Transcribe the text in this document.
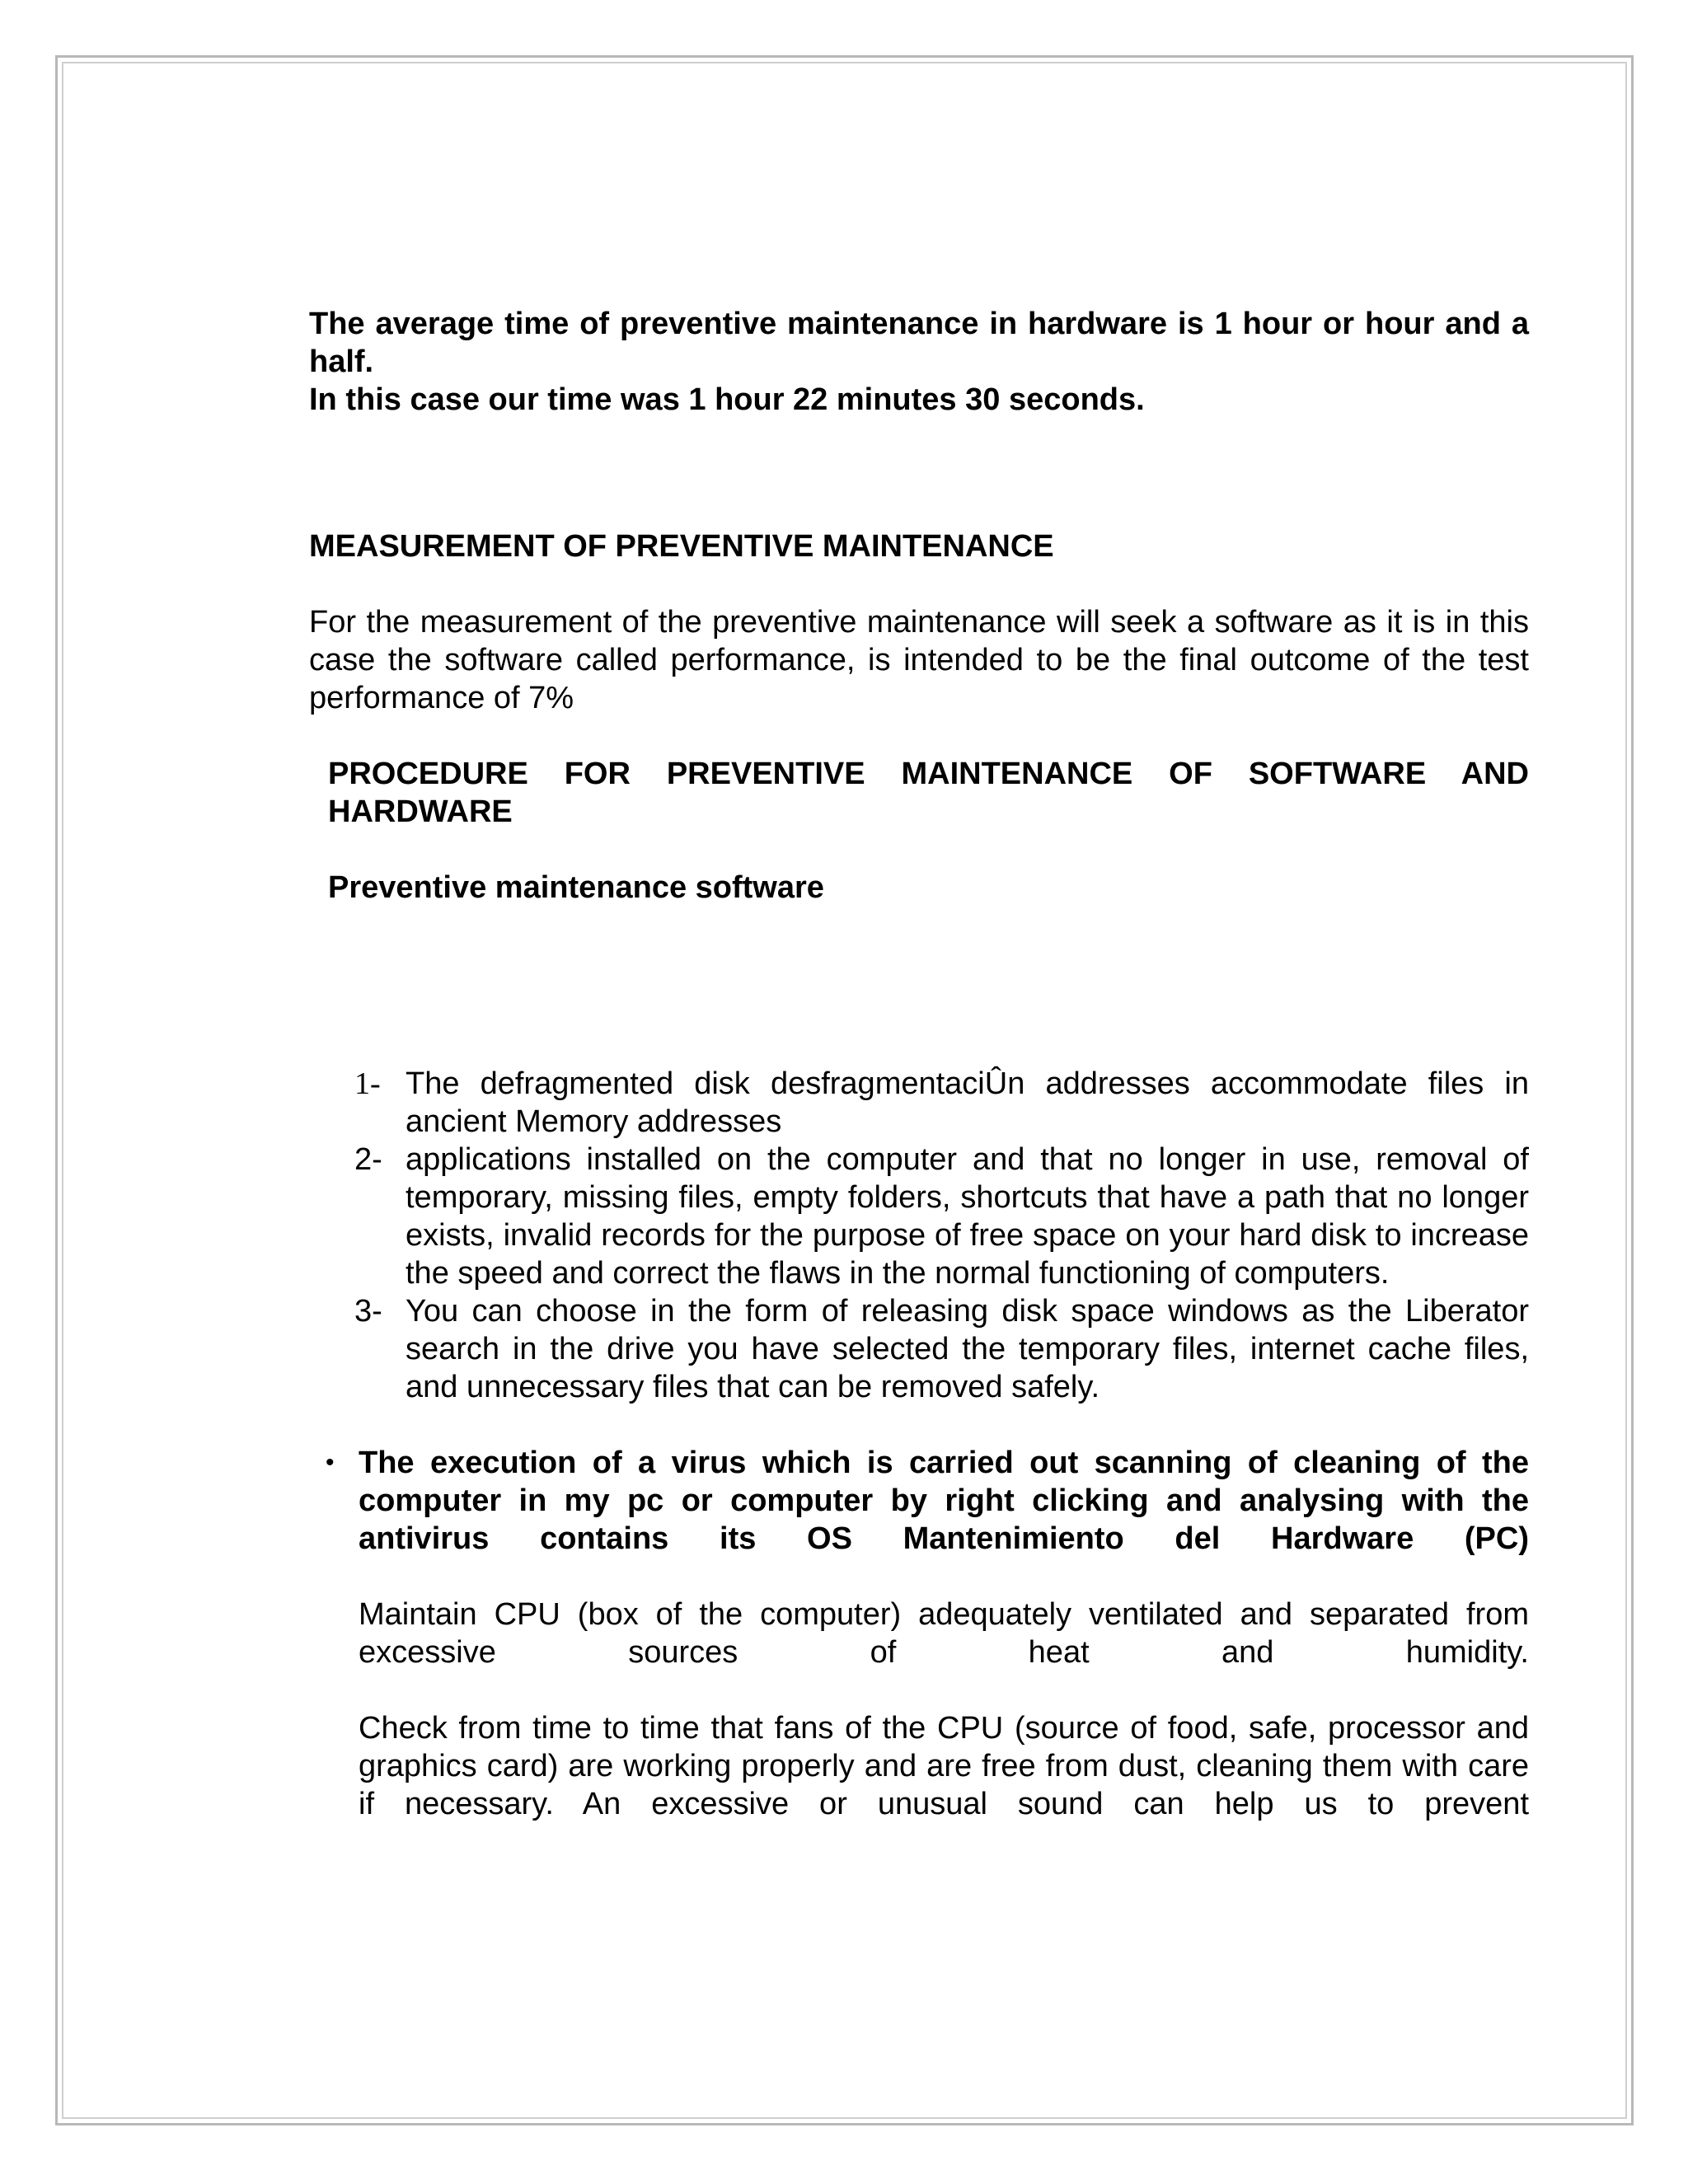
The average time of preventive maintenance in hardware is 1 hour or hour and a half.

In this case our time was 1 hour 22 minutes 30 seconds.

MEASUREMENT OF PREVENTIVE MAINTENANCE

For the measurement of the preventive maintenance will seek a software as it is in this case the software called performance, is intended to be the final outcome of the test performance of 7%

PROCEDURE FOR PREVENTIVE MAINTENANCE OF SOFTWARE AND HARDWARE

Preventive maintenance software

1- The defragmented disk desfragmentaciÛn addresses accommodate files in ancient Memory addresses
2- applications installed on the computer and that no longer in use, removal of temporary, missing files, empty folders, shortcuts that have a path that no longer exists, invalid records for the purpose of free space on your hard disk to increase the speed and correct the flaws in the normal functioning of computers.
3- You can choose in the form of releasing disk space windows as the Liberator search in the drive you have selected the temporary files, internet cache files, and unnecessary files that can be removed safely.
• The execution of a virus which is carried out scanning of cleaning of the computer in my pc or computer by right clicking and analysing with the antivirus contains its OS Mantenimiento del Hardware (PC)

Maintain CPU (box of the computer) adequately ventilated and separated from excessive sources of heat and humidity.

Check from time to time that fans of the CPU (source of food, safe, processor and graphics card) are working properly and are free from dust, cleaning them with care if necessary. An excessive or unusual sound can help us to prevent
